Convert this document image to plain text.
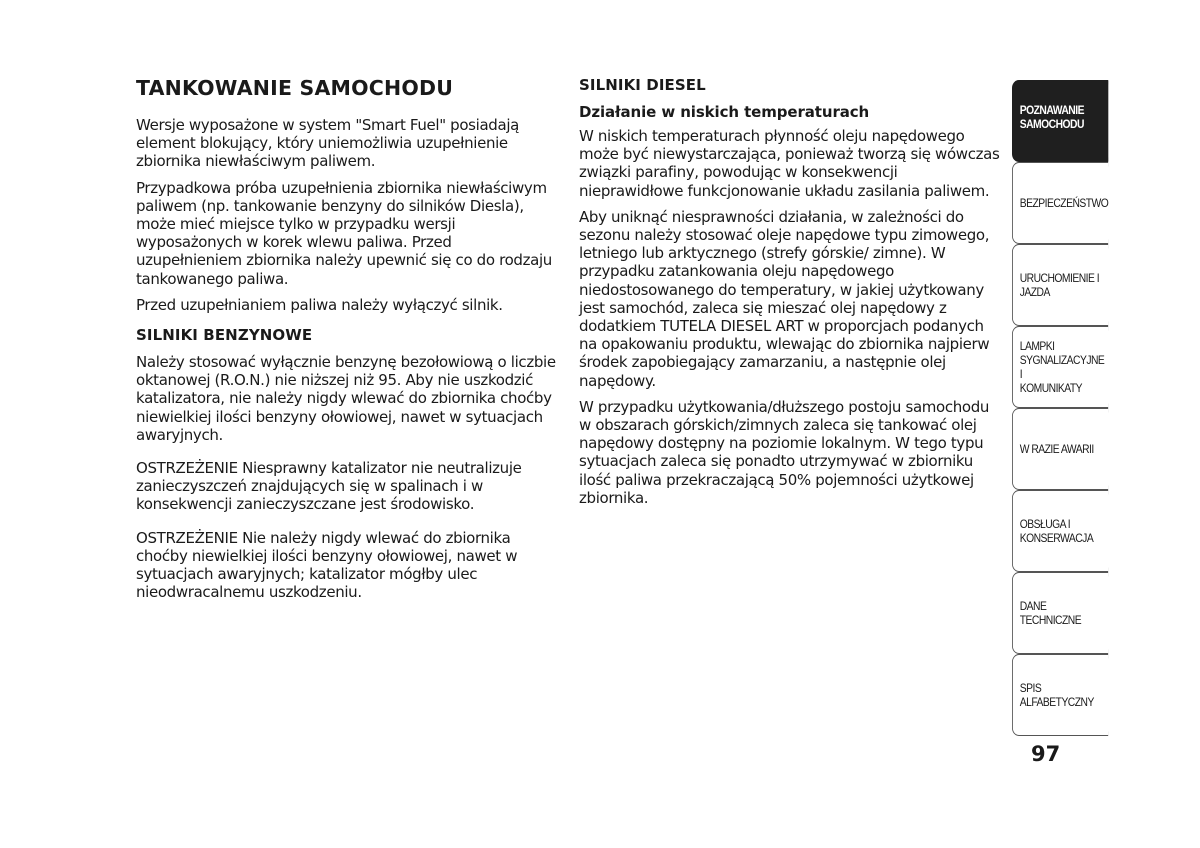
TANKOWANIE SAMOCHODU

Wersje wyposażone w system "Smart Fuel" posiadają element blokujący, który uniemożliwia uzupełnienie zbiornika niewłaściwym paliwem.

Przypadkowa próba uzupełnienia zbiornika niewłaściwym paliwem (np. tankowanie benzyny do silników Diesla), może mieć miejsce tylko w przypadku wersji wyposażonych w korek wlewu paliwa. Przed uzupełnieniem zbiornika należy upewnić się co do rodzaju tankowanego paliwa.

Przed uzupełnianiem paliwa należy wyłączyć silnik.

SILNIKI BENZYNOWE

Należy stosować wyłącznie benzynę bezołowiową o liczbie oktanowej (R.O.N.) nie niższej niż 95. Aby nie uszkodzić katalizatora, nie należy nigdy wlewać do zbiornika choćby niewielkiej ilości benzyny ołowiowej, nawet w sytuacjach awaryjnych.

OSTRZEŻENIE Niesprawny katalizator nie neutralizuje zanieczyszczeń znajdujących się w spalinach i w konsekwencji zanieczyszczane jest środowisko.

OSTRZEŻENIE Nie należy nigdy wlewać do zbiornika choćby niewielkiej ilości benzyny ołowiowej, nawet w sytuacjach awaryjnych; katalizator mógłby ulec nieodwracalnemu uszkodzeniu.

SILNIKI DIESEL
Działanie w niskich temperaturach

W niskich temperaturach płynność oleju napędowego może być niewystarczająca, ponieważ tworzą się wówczas związki parafiny, powodując w konsekwencji nieprawidłowe funkcjonowanie układu zasilania paliwem.

Aby uniknąć niesprawności działania, w zależności do sezonu należy stosować oleje napędowe typu zimowego, letniego lub arktycznego (strefy górskie/ zimne). W przypadku zatankowania oleju napędowego niedostosowanego do temperatury, w jakiej użytkowany jest samochód, zaleca się mieszać olej napędowy z dodatkiem TUTELA DIESEL ART w proporcjach podanych na opakowaniu produktu, wlewając do zbiornika najpierw środek zapobiegający zamarzaniu, a następnie olej napędowy.

W przypadku użytkowania/dłuższego postoju samochodu w obszarach górskich/zimnych zaleca się tankować olej napędowy dostępny na poziomie lokalnym. W tego typu sytuacjach zaleca się ponadto utrzymywać w zbiorniku ilość paliwa przekraczającą 50% pojemności użytkowej zbiornika.

POZNAWANIE
SAMOCHODU
BEZPIECZEŃSTWO
URUCHOMIENIE I
JAZDA
LAMPKI
SYGNALIZACYJNE I
KOMUNIKATY
W RAZIE AWARII
OBSŁUGA I
KONSERWACJA
DANE TECHNICZNE
SPIS ALFABETYCZNY
97
